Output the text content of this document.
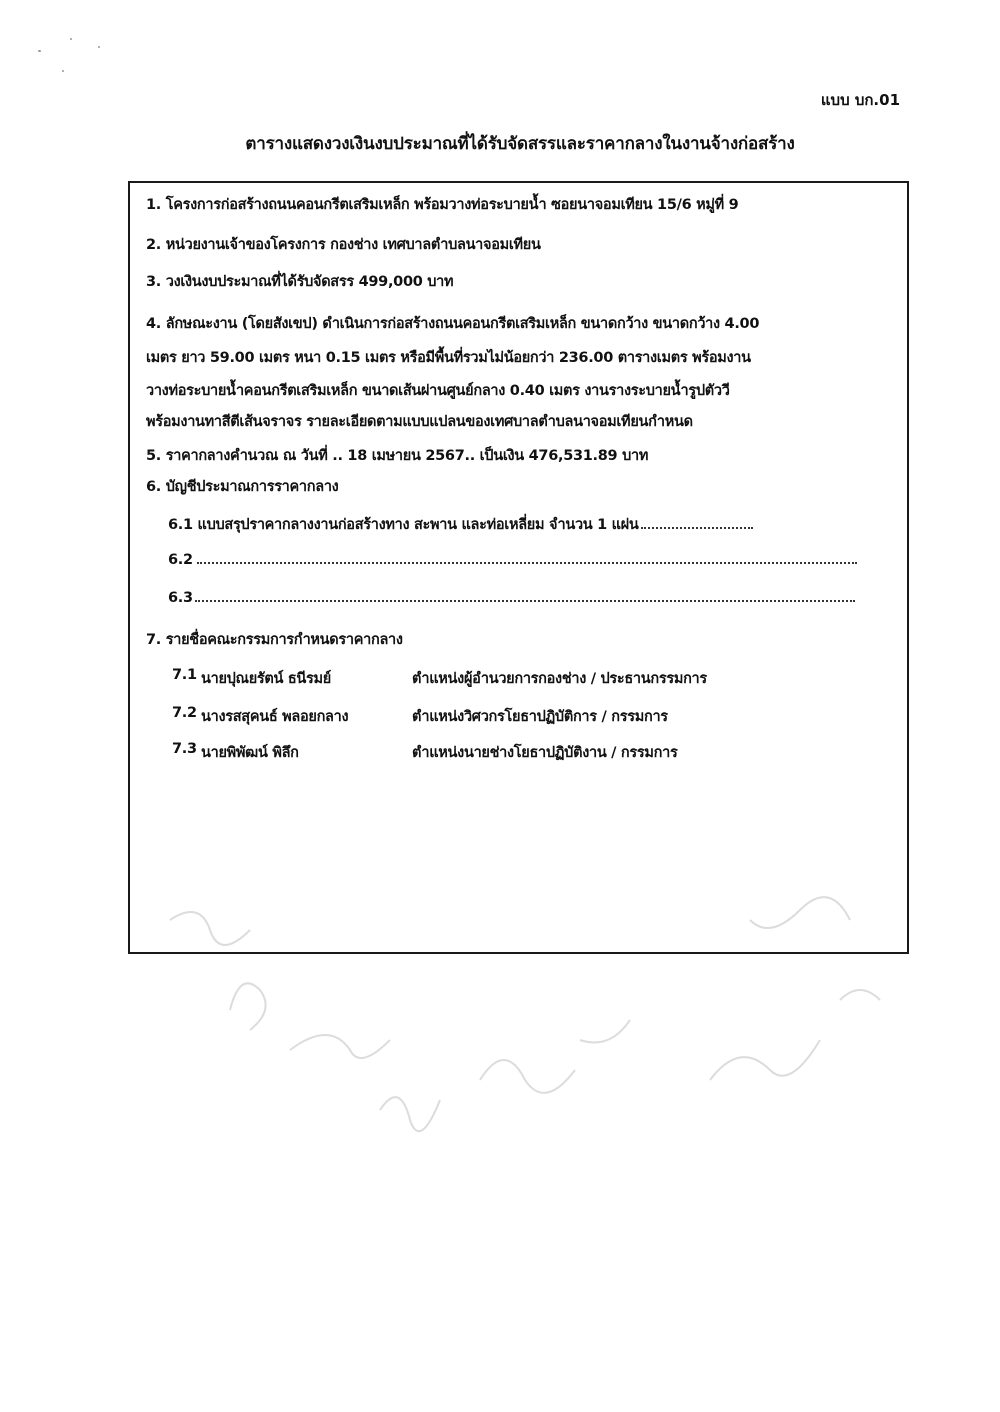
แบบ บก.01
ตารางแสดงวงเงินงบประมาณที่ได้รับจัดสรรและราคากลางในงานจ้างก่อสร้าง
1. โครงการก่อสร้างถนนคอนกรีตเสริมเหล็ก พร้อมวางท่อระบายน้ำ ซอยนาจอมเทียน 15/6 หมู่ที่ 9
2. หน่วยงานเจ้าของโครงการ กองช่าง เทศบาลตำบลนาจอมเทียน
3. วงเงินงบประมาณที่ได้รับจัดสรร 499,000 บาท
4. ลักษณะงาน (โดยสังเขป) ดำเนินการก่อสร้างถนนคอนกรีตเสริมเหล็ก ขนาดกว้าง ขนาดกว้าง 4.00
เมตร ยาว 59.00 เมตร หนา 0.15 เมตร หรือมีพื้นที่รวมไม่น้อยกว่า 236.00 ตารางเมตร พร้อมงาน
วางท่อระบายน้ำคอนกรีตเสริมเหล็ก ขนาดเส้นผ่านศูนย์กลาง 0.40 เมตร งานรางระบายน้ำรูปตัววี
พร้อมงานทาสีตีเส้นจราจร รายละเอียดตามแบบแปลนของเทศบาลตำบลนาจอมเทียนกำหนด
5. ราคากลางคำนวณ ณ วันที่ .. 18 เมษายน 2567.. เป็นเงิน 476,531.89 บาท
6. บัญชีประมาณการราคากลาง
6.1 แบบสรุปราคากลางงานก่อสร้างทาง สะพาน และท่อเหลี่ยม จำนวน 1 แผ่น
6.2
6.3
7. รายชื่อคณะกรรมการกำหนดราคากลาง
7.1 นายปุณยรัตน์ ธนีรมย์	ตำแหน่งผู้อำนวยการกองช่าง / ประธานกรรมการ
7.2 นางรสสุคนธ์ พลอยกลาง	ตำแหน่งวิศวกรโยธาปฏิบัติการ / กรรมการ
7.3 นายพิพัฒน์ พิลึก	ตำแหน่งนายช่างโยธาปฏิบัติงาน / กรรมการ
